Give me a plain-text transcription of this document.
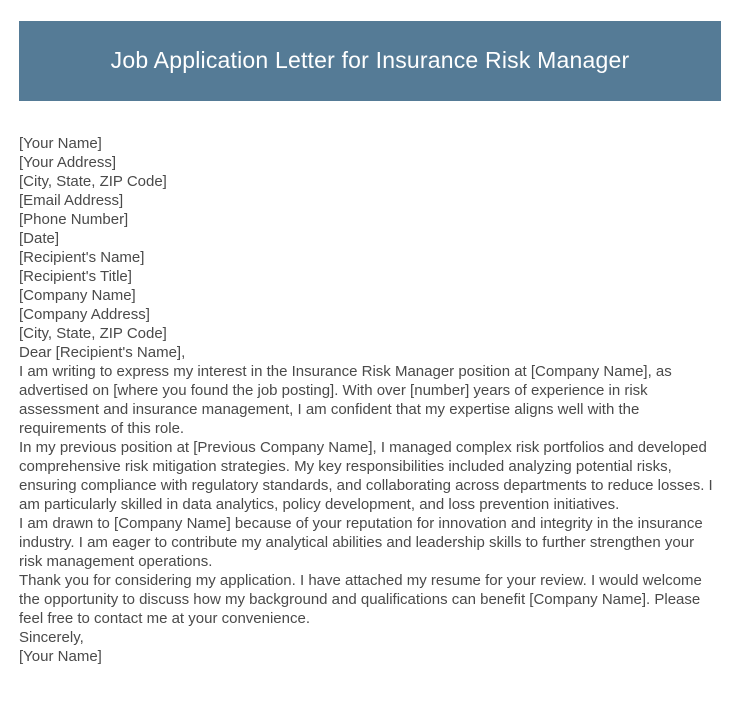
Job Application Letter for Insurance Risk Manager

[Your Name]

[Your Address]

[City, State, ZIP Code]

[Email Address]

[Phone Number]

[Date]

[Recipient's Name]

[Recipient's Title]

[Company Name]

[Company Address]

[City, State, ZIP Code]

Dear [Recipient's Name],

I am writing to express my interest in the Insurance Risk Manager position at [Company Name], as advertised on [where you found the job posting]. With over [number] years of experience in risk assessment and insurance management, I am confident that my expertise aligns well with the requirements of this role.

In my previous position at [Previous Company Name], I managed complex risk portfolios and developed comprehensive risk mitigation strategies. My key responsibilities included analyzing potential risks, ensuring compliance with regulatory standards, and collaborating across departments to reduce losses. I am particularly skilled in data analytics, policy development, and loss prevention initiatives.

I am drawn to [Company Name] because of your reputation for innovation and integrity in the insurance industry. I am eager to contribute my analytical abilities and leadership skills to further strengthen your risk management operations.

Thank you for considering my application. I have attached my resume for your review. I would welcome the opportunity to discuss how my background and qualifications can benefit [Company Name]. Please feel free to contact me at your convenience.

Sincerely,

[Your Name]
